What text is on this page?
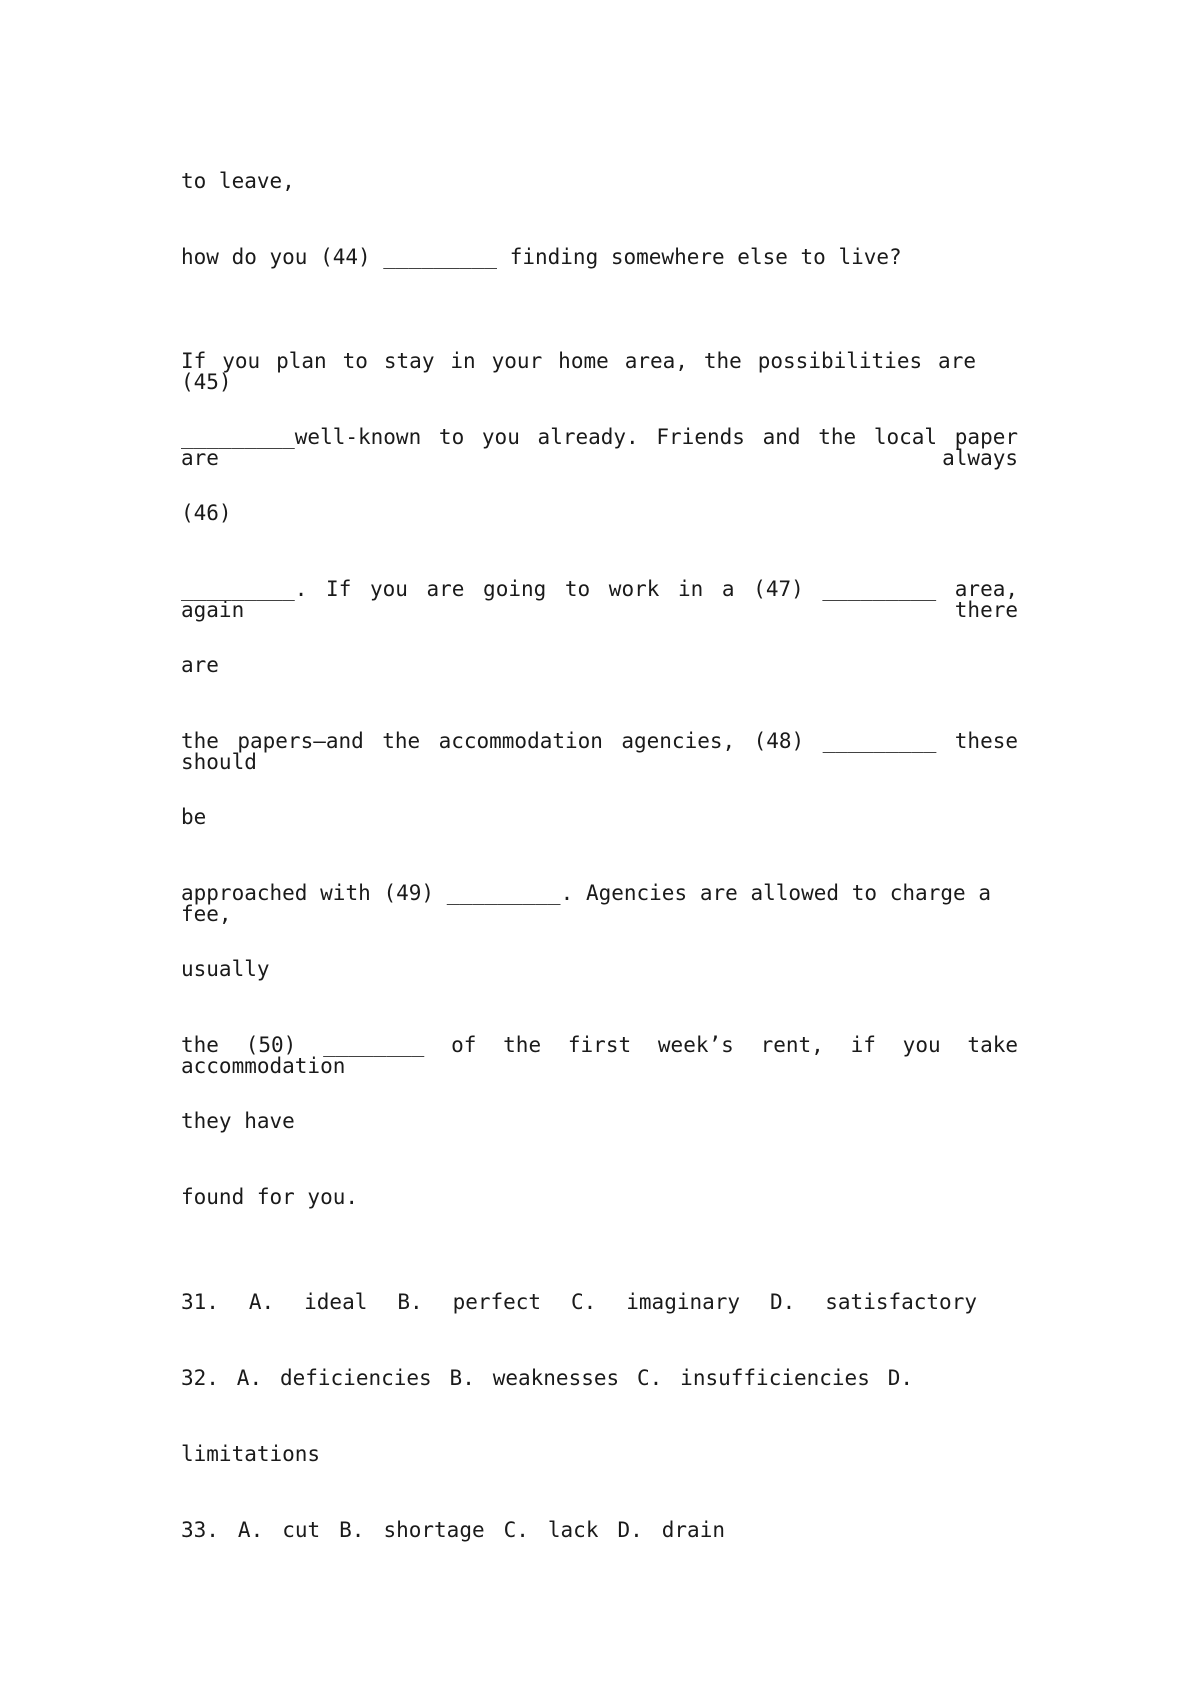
to leave,
how do you (44) _________ finding somewhere else to live?
If you plan to stay in your home area, the possibilities are (45)
_________well-known to you already. Friends and the local paper are always
(46)
_________. If you are going to work in a (47) _________ area, again there
are
the papers—and the accommodation agencies, (48) _________ these should
be
approached with (49) _________. Agencies are allowed to charge a fee,
usually
the (50) ________ of the first week’s rent, if you take accommodation
they have
found for you.
31. A. ideal B. perfect C. imaginary D. satisfactory
32. A. deficiencies B. weaknesses C. insufficiencies D.
limitations
33. A. cut B. shortage C. lack D. drain
